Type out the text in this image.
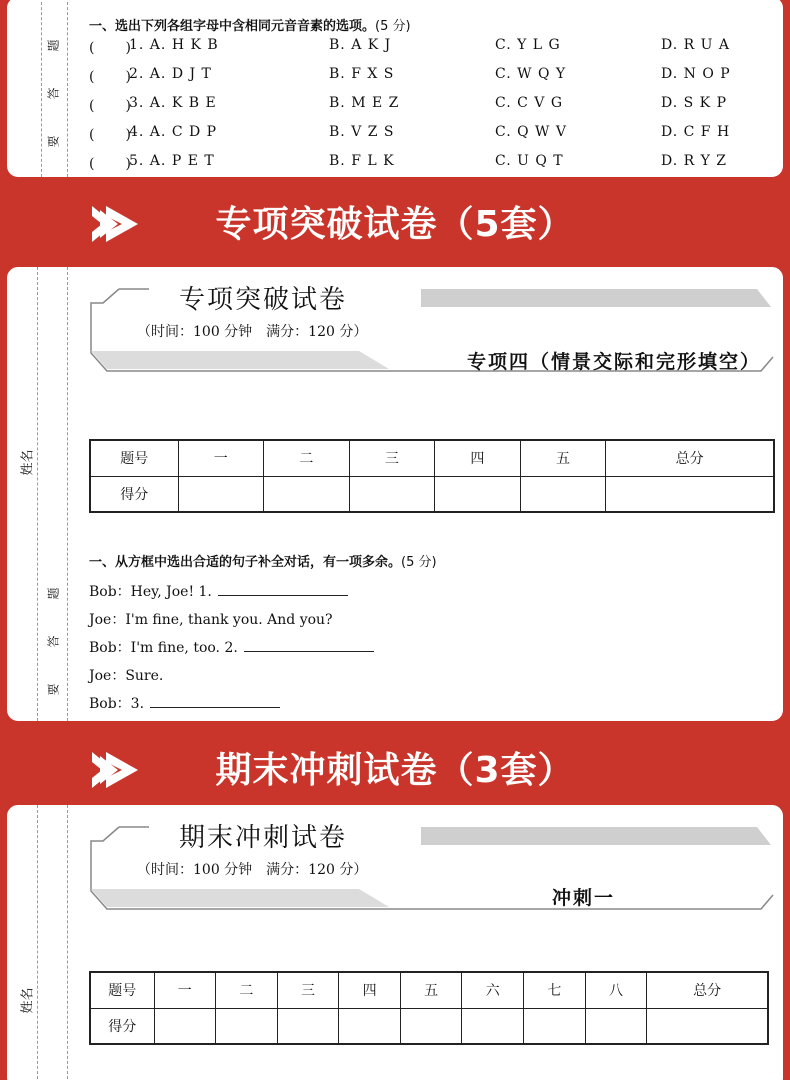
题
答
要
一、选出下列各组字母中含相同元音音素的选项。(5 分)
(　　)
1. A. H K B	B. A K J	C. Y L G	D. R U A
(　　)
2. A. D J T	B. F X S	C. W Q Y	D. N O P
(　　)
3. A. K B E	B. M E Z	C. C V G	D. S K P
(　　)
4. A. C D P	B. V Z S	C. Q W V	D. C F H
(　　)
5. A. P E T	B. F L K	C. U Q T	D. R Y Z
专项突破试卷（5套）
姓名
题
答
要
专项突破试卷
（时间：100 分钟　满分：120 分）
专项四（情景交际和完形填空）
题号	一	二	三	四	五	总分
得分						
一、从方框中选出合适的句子补全对话，有一项多余。(5 分)
Bob：Hey, Joe! 1.
Joe：I'm fine, thank you. And you?
Bob：I'm fine, too. 2.
Joe：Sure.
Bob：3.
期末冲刺试卷（3套）
姓名
期末冲刺试卷
（时间：100 分钟　满分：120 分）
冲刺一
题号	一	二	三	四	五	六	七	八	总分
得分									
